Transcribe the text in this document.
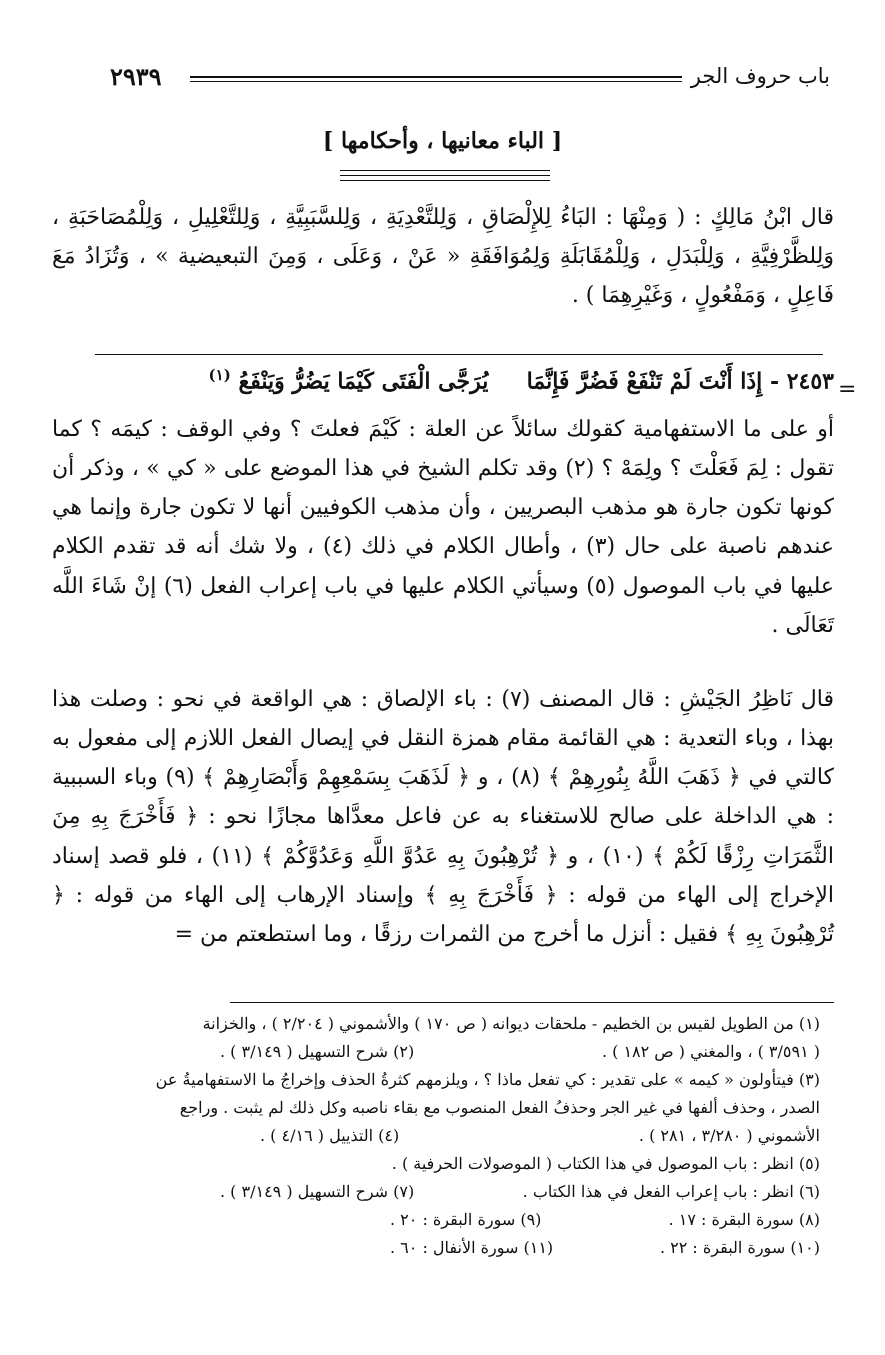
باب حروف الجر
٢٩٣٩
[ الباء معانيها ، وأحكامها ]

قال ابْنُ مَالِكٍ : ( وَمِنْهَا : البَاءُ لِلإِلْصَاقِ ، وَلِلتَّعْدِيَةِ ، وَلِلسَّبَبِيَّةِ ، وَلِلتَّعْلِيلِ ، وَلِلْمُصَاحَبَةِ ، وَلِلظَّرْفِيَّةِ ، وَلِلْبَدَلِ ، وَلِلْمُقَابَلَةِ وَلِمُوَافَقَةِ « عَنْ ، وَعَلَى ، وَمِنَ التبعيضية » ، وَتُزَادُ مَعَ فَاعِلٍ ، وَمَفْعُولٍ ، وَغَيْرِهِمَا ) .

=
٢٤٥٣ - إِذَا أَنْتَ لَمْ تَنْفَعْ فَضُرَّ فَإِنَّمَا     يُرَجَّى الْفَتَى كَيْمَا يَضُرُّ وَيَنْفَعُ $^{(١)}$

أو على ما الاستفهامية كقولك سائلاً عن العلة : كَيْمَ فعلتَ ؟ وفي الوقف : كيمَه ؟ كما تقول : لِمَ فَعَلْتَ ؟ ولِمَهْ ؟ (٢) وقد تكلم الشيخ في هذا الموضع على « كي » ، وذكر أن كونها تكون جارة هو مذهب البصريين ، وأن مذهب الكوفيين أنها لا تكون جارة وإنما هي عندهم ناصبة على حال (٣) ، وأطال الكلام في ذلك (٤) ، ولا شك أنه قد تقدم الكلام عليها في باب الموصول (٥) وسيأتي الكلام عليها في باب إعراب الفعل (٦) إنْ شَاءَ اللَّه تَعَالَى .

قال نَاظِرُ الجَيْشِ : قال المصنف (٧) : باء الإلصاق : هي الواقعة في نحو : وصلت هذا بهذا ، وباء التعدية : هي القائمة مقام همزة النقل في إيصال الفعل اللازم إلى مفعول به كالتي في ﴿ ذَهَبَ اللَّهُ بِنُورِهِمْ ﴾ (٨) ، و ﴿ لَذَهَبَ بِسَمْعِهِمْ وَأَبْصَارِهِمْ ﴾ (٩) وباء السببية : هي الداخلة على صالح للاستغناء به عن فاعل معدَّاها مجازًا نحو : ﴿ فَأَخْرَجَ بِهِ مِنَ الثَّمَرَاتِ رِزْقًا لَكُمْ ﴾ (١٠) ، و ﴿ تُرْهِبُونَ بِهِ عَدُوَّ اللَّهِ وَعَدُوَّكُمْ ﴾ (١١) ، فلو قصد إسناد الإخراج إلى الهاء من قوله : ﴿ فَأَخْرَجَ بِهِ ﴾ وإسناد الإرهاب إلى الهاء من قوله : ﴿ تُرْهِبُونَ بِهِ ﴾ فقيل : أنزل ما أخرج من الثمرات رزقًا ، وما استطعتم من =

(١) من الطويل لقيس بن الخطيم - ملحقات ديوانه ( ص ١٧٠ ) والأشموني ( ٢/٢٠٤ ) ، والخزانة
( ٣/٥٩١ ) ، والمغني ( ص ١٨٢ ) .
(٢) شرح التسهيل ( ٣/١٤٩ ) .
(٣) فيتأولون « كيمه » على تقدير : كي تفعل ماذا ؟ ، ويلزمهم كثرةُ الحذف وإخراجُ ما الاستفهاميةُ عن
الصدر ، وحذف ألفها في غير الجر وحذفُ الفعل المنصوب مع بقاء ناصبه وكل ذلك لم يثبت . وراجع
الأشموني ( ٣/٢٨٠ ، ٢٨١ ) .
(٤) التذييل ( ٤/١٦ ) .
(٥) انظر : باب الموصول في هذا الكتاب ( الموصولات الحرفية ) .
(٦) انظر : باب إعراب الفعل في هذا الكتاب .
(٧) شرح التسهيل ( ٣/١٤٩ ) .
(٨) سورة البقرة : ١٧ .
(٩) سورة البقرة : ٢٠ .
(١٠) سورة البقرة : ٢٢ .
(١١) سورة الأنفال : ٦٠ .
